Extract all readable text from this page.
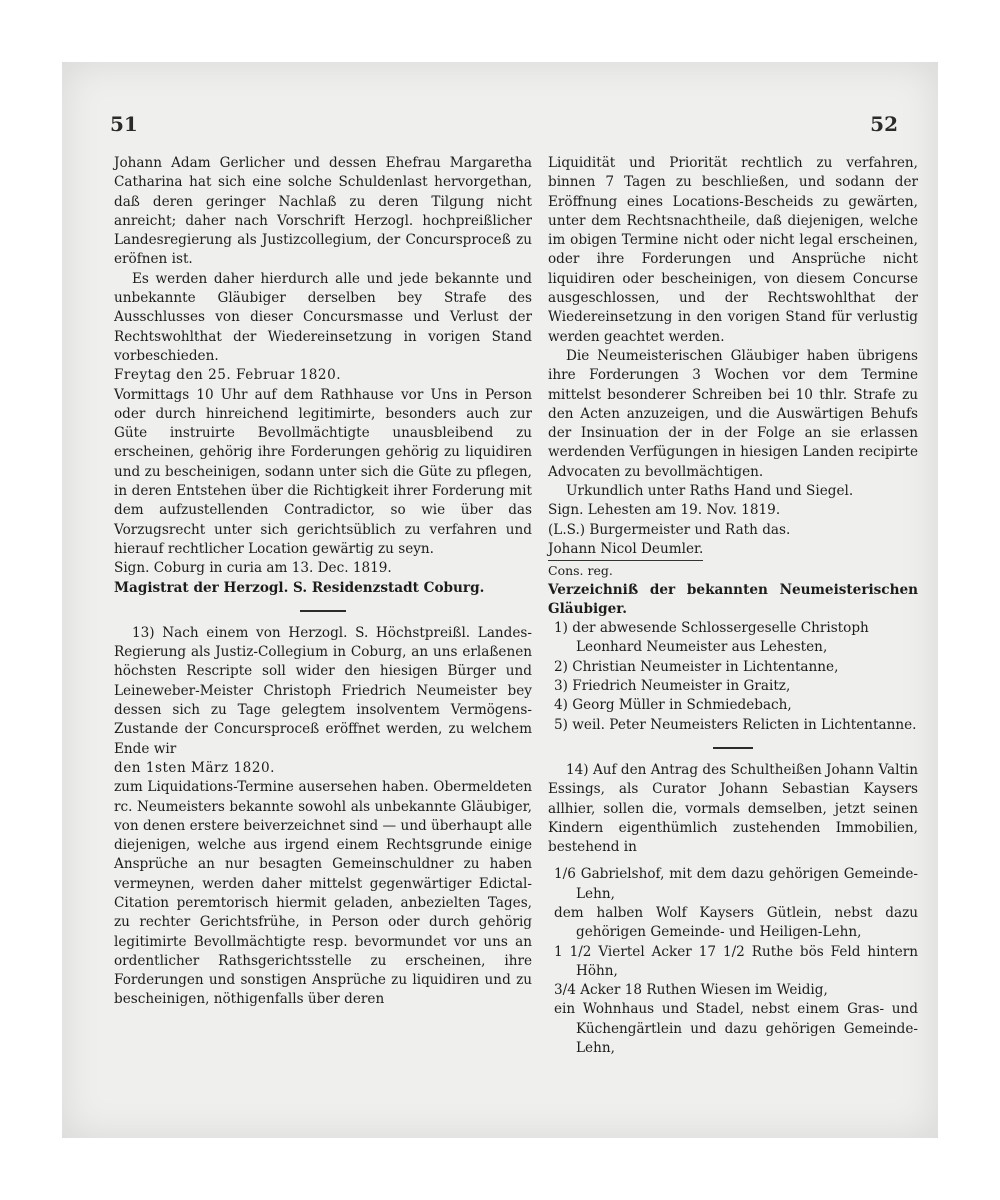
51	52

Johann Adam Gerlicher und dessen Ehefrau Margaretha Catharina hat sich eine solche Schuldenlast hervorgethan, daß deren geringer Nachlaß zu deren Tilgung nicht anreicht; daher nach Vorschrift Herzogl. hochpreißlicher Landesregierung als Justizcollegium, der Concursproceß zu eröfnen ist.

Es werden daher hierdurch alle und jede bekannte und unbekannte Gläubiger derselben bey Strafe des Ausschlusses von dieser Concursmasse und Verlust der Rechtswohlthat der Wiedereinsetzung in vorigen Stand vorbeschieden.

Freytag den 25. Februar 1820.

Vormittags 10 Uhr auf dem Rathhause vor Uns in Person oder durch hinreichend legitimirte, besonders auch zur Güte instruirte Bevollmächtigte unausbleibend zu erscheinen, gehörig ihre Forderungen gehörig zu liquidiren und zu bescheinigen, sodann unter sich die Güte zu pflegen, in deren Entstehen über die Richtigkeit ihrer Forderung mit dem aufzustellenden Contradictor, so wie über das Vorzugsrecht unter sich gerichtsüblich zu verfahren und hierauf rechtlicher Location gewärtig zu seyn.

Sign. Coburg in curia am 13. Dec. 1819.

Magistrat der Herzogl. S. Residenzstadt Coburg.

13) Nach einem von Herzogl. S. Höchstpreißl. Landes-Regierung als Justiz-Collegium in Coburg, an uns erlaßenen höchsten Rescripte soll wider den hiesigen Bürger und Leineweber-Meister Christoph Friedrich Neumeister bey dessen sich zu Tage gelegtem insolventem Vermögens-Zustande der Concursproceß eröffnet werden, zu welchem Ende wir

den 1sten März 1820.

zum Liquidations-Termine ausersehen haben. Obermeldeten rc. Neumeisters bekannte sowohl als unbekannte Gläubiger, von denen erstere beiverzeichnet sind — und überhaupt alle diejenigen, welche aus irgend einem Rechtsgrunde einige Ansprüche an nur besagten Gemeinschuldner zu haben vermeynen, werden daher mittelst gegenwärtiger Edictal-Citation peremtorisch hiermit geladen, anbezielten Tages, zu rechter Gerichtsfrühe, in Person oder durch gehörig legitimirte Bevollmächtigte resp. bevormundet vor uns an ordentlicher Rathsgerichtsstelle zu erscheinen, ihre Forderungen und sonstigen Ansprüche zu liquidiren und zu bescheinigen, nöthigenfalls über deren

Liquidität und Priorität rechtlich zu verfahren, binnen 7 Tagen zu beschließen, und sodann der Eröffnung eines Locations-Bescheids zu gewärten, unter dem Rechtsnachtheile, daß diejenigen, welche im obigen Termine nicht oder nicht legal erscheinen, oder ihre Forderungen und Ansprüche nicht liquidiren oder bescheinigen, von diesem Concurse ausgeschlossen, und der Rechtswohlthat der Wiedereinsetzung in den vorigen Stand für verlustig werden geachtet werden.

Die Neumeisterischen Gläubiger haben übrigens ihre Forderungen 3 Wochen vor dem Termine mittelst besonderer Schreiben bei 10 thlr. Strafe zu den Acten anzuzeigen, und die Auswärtigen Behufs der Insinuation der in der Folge an sie erlassen werdenden Verfügungen in hiesigen Landen recipirte Advocaten zu bevollmächtigen.

Urkundlich unter Raths Hand und Siegel.

Sign. Lehesten am 19. Nov. 1819.

(L.S.) Burgermeister und Rath das.

Johann Nicol Deumler.

Cons. reg.

Verzeichniß der bekannten Neumeisterischen Gläubiger.

1) der abwesende Schlossergeselle Christoph Leonhard Neumeister aus Lehesten,
2) Christian Neumeister in Lichtentanne,
3) Friedrich Neumeister in Graitz,
4) Georg Müller in Schmiedebach,
5) weil. Peter Neumeisters Relicten in Lichtentanne.

14) Auf den Antrag des Schultheißen Johann Valtin Essings, als Curator Johann Sebastian Kaysers allhier, sollen die, vormals demselben, jetzt seinen Kindern eigenthümlich zustehenden Immobilien, bestehend in

1/6 Gabrielshof, mit dem dazu gehörigen Gemeinde-Lehn,

dem halben Wolf Kaysers Gütlein, nebst dazu gehörigen Gemeinde- und Heiligen-Lehn,

1 1/2 Viertel Acker 17 1/2 Ruthe bös Feld hintern Höhn,

3/4 Acker 18 Ruthen Wiesen im Weidig,

ein Wohnhaus und Stadel, nebst einem Gras- und Küchengärtlein und dazu gehörigen Gemeinde-Lehn,
